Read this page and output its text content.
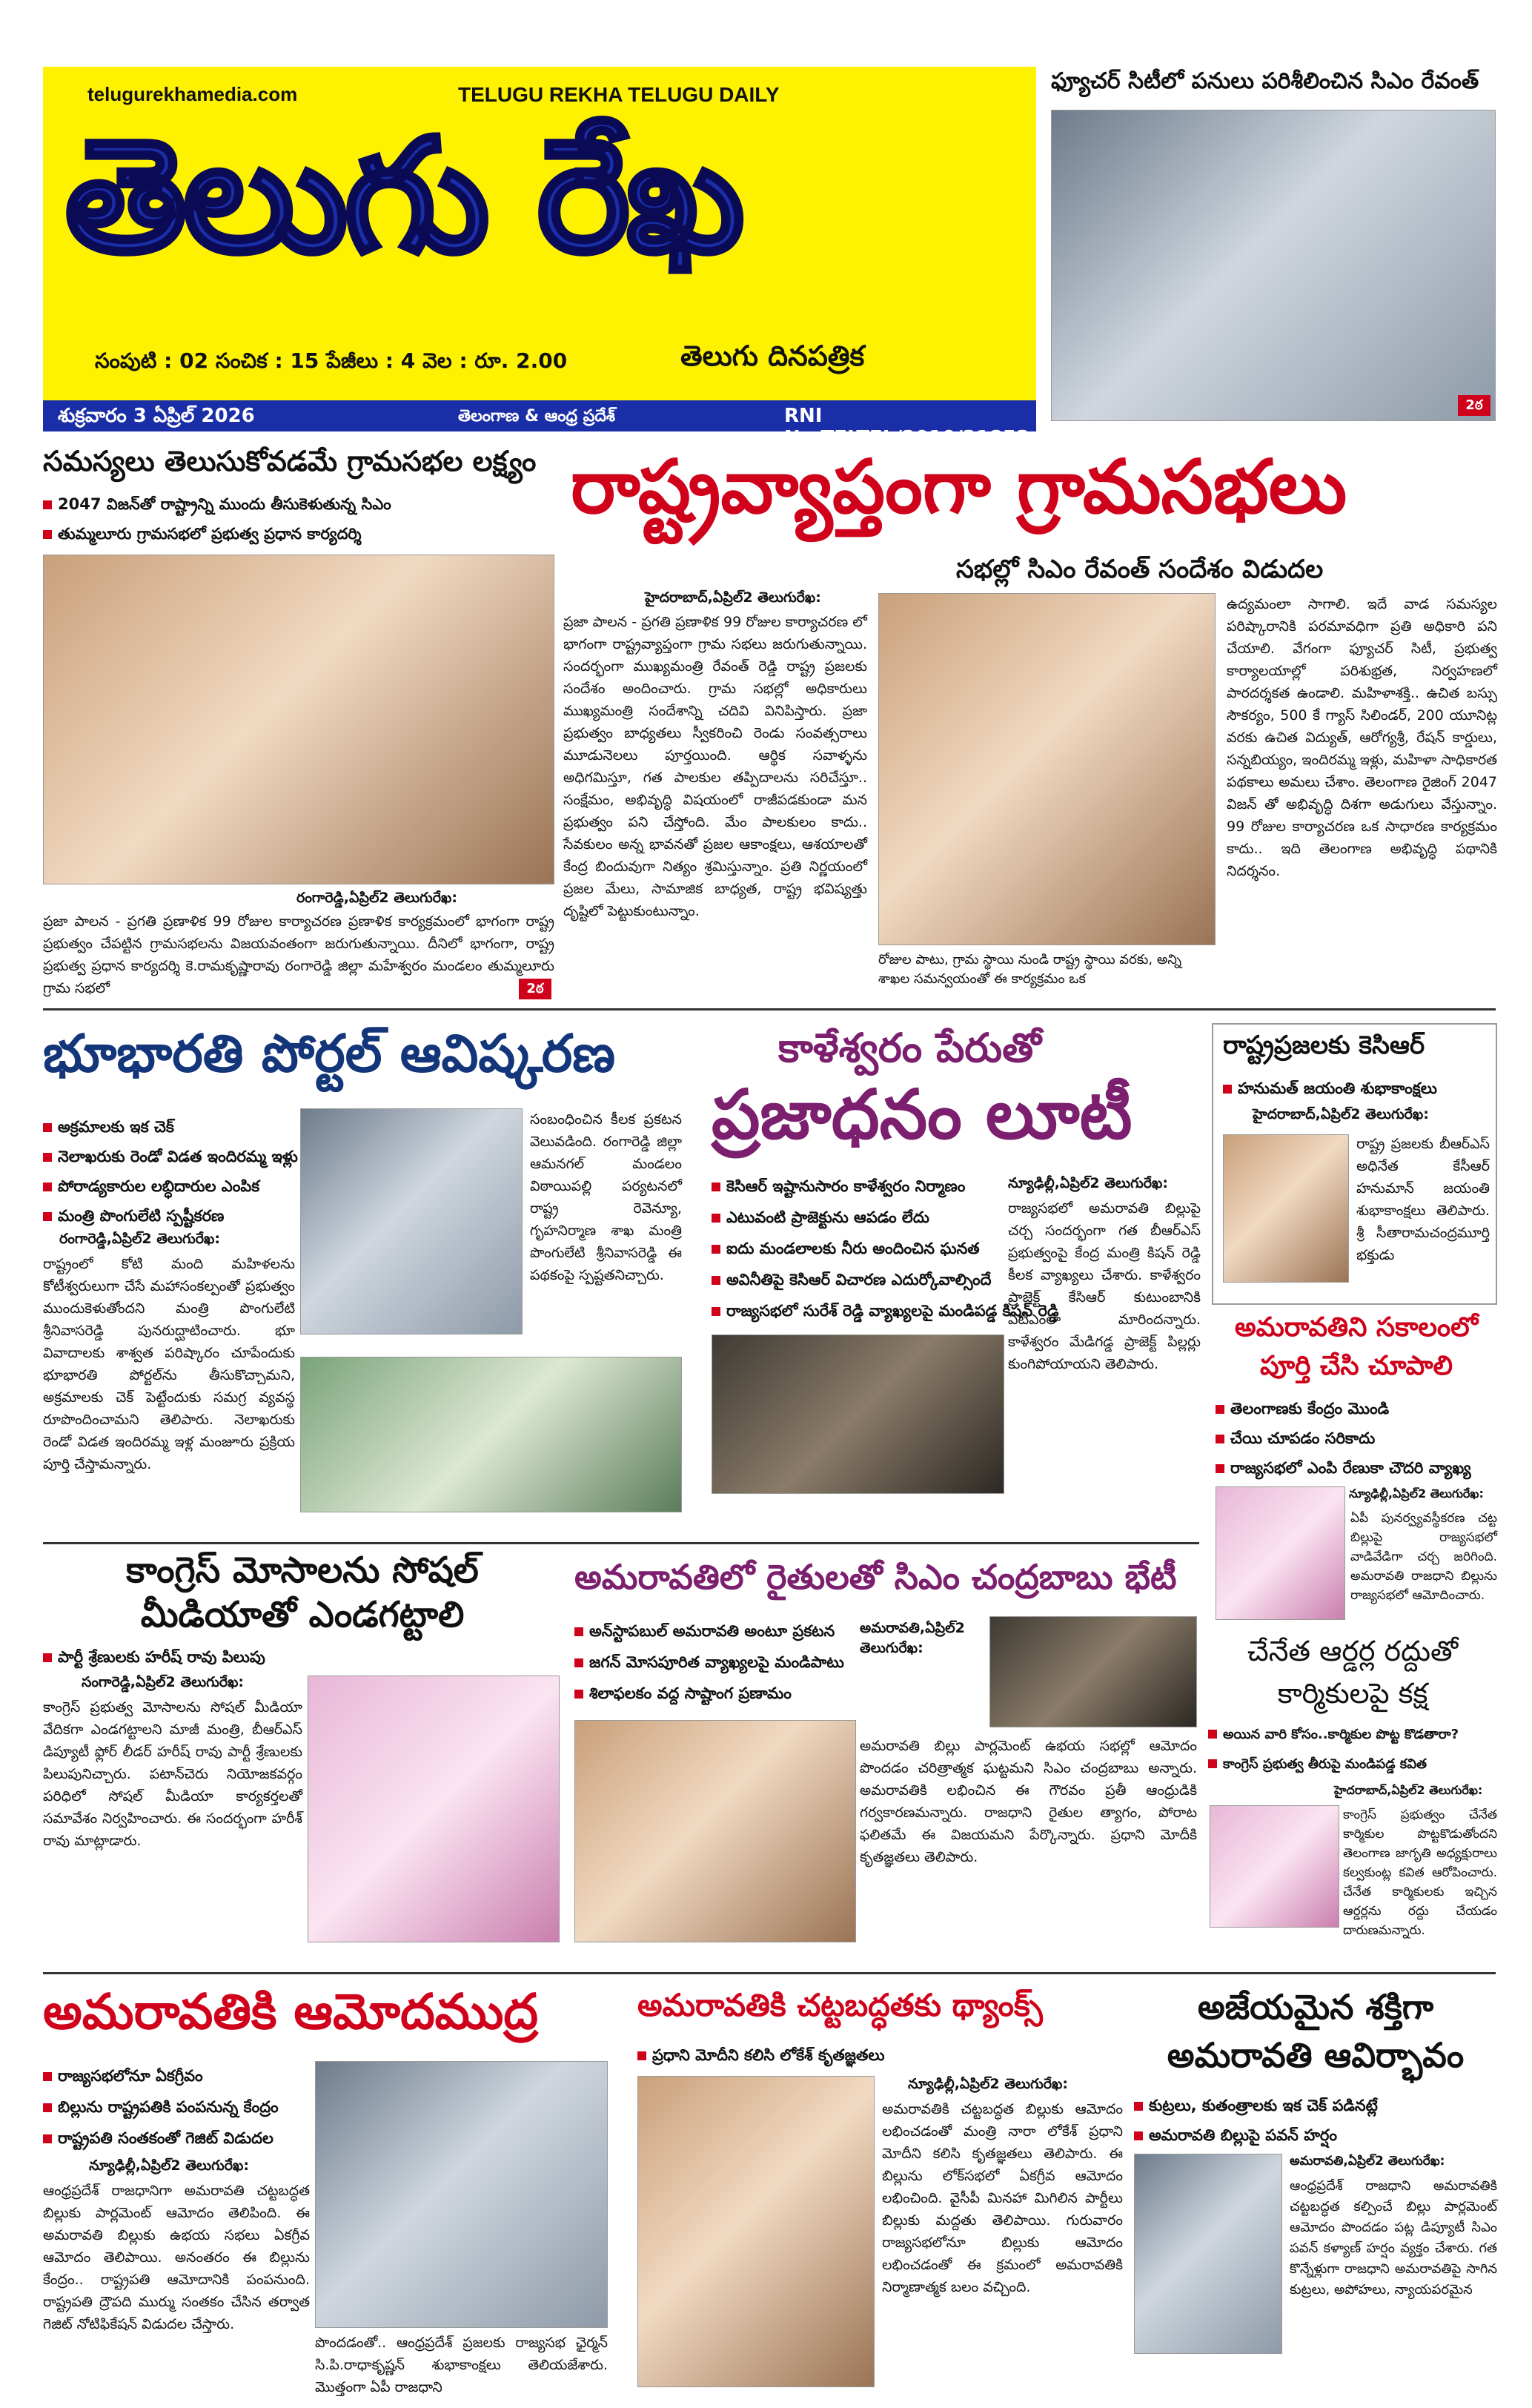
telugurekhamedia.com	TELUGU REKHA TELUGU DAILY
తెలుగు రేఖ
సంపుటి : 02 సంచిక : 15 పేజీలు : 4 వెల : రూ. 2.00	తెలుగు దినపత్రిక
శుక్రవారం 3 ఏప్రిల్ 2026	తెలంగాణ & ఆంధ్ర ప్రదేశ్	RNI No.TELTEL/2010/31853
ఫ్యూచర్ సిటీలో పనులు పరిశీలించిన సిఎం రేవంత్
2ఠ
సమస్యలు తెలుసుకోవడమే గ్రామసభల లక్ష్యం
2047 విజన్‌తో రాష్ట్రాన్ని ముందు తీసుకెళుతున్న సిఎం
తుమ్మలూరు గ్రామసభలో ప్రభుత్వ ప్రధాన కార్యదర్శి
రంగారెడ్డి,ఏప్రిల్2 తెలుగురేఖ:
ప్రజా పాలన - ప్రగతి ప్రణాళిక 99 రోజుల కార్యాచరణ ప్రణాళిక కార్యక్రమంలో భాగంగా రాష్ట్ర ప్రభుత్వం చేపట్టిన గ్రామసభలను విజయవంతంగా జరుగుతున్నాయి. దీనిలో భాగంగా, రాష్ట్ర ప్రభుత్వ ప్రధాన కార్యదర్శి కె.రామకృష్ణారావు రంగారెడ్డి జిల్లా మహేశ్వరం మండలం తుమ్మలూరు గ్రామ సభలో	2ఠ
రాష్ట్రవ్యాప్తంగా గ్రామసభలు
సభల్లో సిఎం రేవంత్ సందేశం విడుదల
హైదరాబాద్,ఏప్రిల్2 తెలుగురేఖ:
ప్రజా పాలన - ప్రగతి ప్రణాళిక 99 రోజుల కార్యాచరణ లో భాగంగా రాష్ట్రవ్యాప్తంగా గ్రామ సభలు జరుగుతున్నాయి. సందర్భంగా ముఖ్యమంత్రి రేవంత్ రెడ్డి రాష్ట్ర ప్రజలకు సందేశం అందించారు. గ్రామ సభల్లో అధికారులు ముఖ్యమంత్రి సందేశాన్ని చదివి వినిపిస్తారు. ప్రజా ప్రభుత్వం బాధ్యతలు స్వీకరించి రెండు సంవత్సరాలు మూడునెలలు పూర్తయింది. ఆర్థిక సవాళ్ళను అధిగమిస్తూ, గత పాలకుల తప్పిదాలను సరిచేస్తూ.. సంక్షేమం, అభివృద్ధి విషయంలో రాజీపడకుండా మన ప్రభుత్వం పని చేస్తోంది. మేం పాలకులం కాదు.. సేవకులం అన్న భావనతో ప్రజల ఆకాంక్షలు, ఆశయాలతో కేంద్ర బిందువుగా నిత్యం శ్రమిస్తున్నాం. ప్రతి నిర్ణయంలో ప్రజల మేలు, సామాజిక బాధ్యత, రాష్ట్ర భవిష్యత్తు దృష్టిలో పెట్టుకుంటున్నాం.
రోజుల పాటు, గ్రామ స్థాయి నుండి రాష్ట్ర స్థాయి వరకు, అన్ని శాఖల సమన్వయంతో ఈ కార్యక్రమం ఒక
ఉద్యమంలా సాగాలి. ఇదే వాడ సమస్యల పరిష్కారానికి పరమావధిగా ప్రతి అధికారి పని చేయాలి. వేగంగా ఫ్యూచర్ సిటీ, ప్రభుత్వ కార్యాలయాల్లో పరిశుభ్రత, నిర్వహణలో పారదర్శకత ఉండాలి. మహిళాశక్తి.. ఉచిత బస్సు సౌకర్యం, 500 కే గ్యాస్ సిలిండర్, 200 యూనిట్ల వరకు ఉచిత విద్యుత్, ఆరోగ్యశ్రీ, రేషన్ కార్డులు, సన్నబియ్యం, ఇందిరమ్మ ఇళ్లు, మహిళా సాధికారత పథకాలు అమలు చేశాం. తెలంగాణ రైజింగ్ 2047 విజన్ తో అభివృద్ధి దిశగా అడుగులు వేస్తున్నాం. 99 రోజుల కార్యాచరణ ఒక సాధారణ కార్యక్రమం కాదు.. ఇది తెలంగాణ అభివృద్ధి పథానికి నిదర్శనం.
భూభారతి పోర్టల్ ఆవిష్కరణ
అక్రమాలకు ఇక చెక్
నెలాఖరుకు రెండో విడత ఇందిరమ్మ ఇళ్లు
పోరాడ్యకారుల లబ్ధిదారుల ఎంపిక
మంత్రి పొంగులేటి స్పష్టీకరణ
రంగారెడ్డి,ఏప్రిల్2 తెలుగురేఖ:
రాష్ట్రంలో కోటి మంది మహిళలను కోటీశ్వరులుగా చేసే మహాసంకల్పంతో ప్రభుత్వం ముందుకెళుతోందని మంత్రి పొంగులేటి శ్రీనివాసరెడ్డి పునరుద్ఘాటించారు. భూ వివాదాలకు శాశ్వత పరిష్కారం చూపేందుకు భూభారతి పోర్టల్‌ను తీసుకొచ్చామని, అక్రమాలకు చెక్ పెట్టేందుకు సమగ్ర వ్యవస్థ రూపొందించామని తెలిపారు. నెలాఖరుకు రెండో విడత ఇందిరమ్మ ఇళ్ల మంజూరు ప్రక్రియ పూర్తి చేస్తామన్నారు.
సంబంధించిన కీలక ప్రకటన వెలువడింది. రంగారెడ్డి జిల్లా ఆమనగల్ మండలం విఠాయిపల్లి పర్యటనలో రాష్ట్ర రెవెన్యూ, గృహనిర్మాణ శాఖ మంత్రి పొంగులేటి శ్రీనివాసరెడ్డి ఈ పథకంపై స్పష్టతనిచ్చారు.
కాళేశ్వరం పేరుతో
ప్రజాధనం లూటీ
కెసిఆర్ ఇష్టానుసారం కాళేశ్వరం నిర్మాణం
ఎటువంటి ప్రాజెక్టును ఆపడం లేదు
ఐదు మండలాలకు నీరు అందించిన ఘనత
అవినీతిపై కెసిఆర్ విచారణ ఎదుర్కోవాల్సిందే
రాజ్యసభలో సురేశ్ రెడ్డి వ్యాఖ్యలపై మండిపడ్డ కిషన్ రెడ్డి
న్యూఢిల్లీ,ఏప్రిల్2 తెలుగురేఖ:
రాజ్యసభలో అమరావతి బిల్లుపై చర్చ సందర్భంగా గత బీఆర్ఎస్ ప్రభుత్వంపై కేంద్ర మంత్రి కిషన్ రెడ్డి కీలక వ్యాఖ్యలు చేశారు. కాళేశ్వరం ప్రాజెక్ట్ కేసిఆర్ కుటుంబానికి ఏటీఎంలా మారిందన్నారు. కాళేశ్వరం మేడిగడ్డ ప్రాజెక్ట్ పిల్లర్లు కుంగిపోయాయని తెలిపారు.
రాష్ట్రప్రజలకు కెసిఆర్
హనుమత్ జయంతి శుభాకాంక్షలు
హైదరాబాద్,ఏప్రిల్2 తెలుగురేఖ:
రాష్ట్ర ప్రజలకు బీఆర్ఎస్ అధినేత కేసీఆర్ హనుమాన్ జయంతి శుభాకాంక్షలు తెలిపారు. శ్రీ సీతారామచంద్రమూర్తి భక్తుడు
అమరావతిని సకాలంలో
పూర్తి చేసి చూపాలి
తెలంగాణకు కేంద్రం మొండి
చేయి చూపడం సరికాదు
రాజ్యసభలో ఎంపి రేణుకా చౌదరి వ్యాఖ్య
న్యూఢిల్లీ,ఏప్రిల్2 తెలుగురేఖ:
ఏపీ పునర్వ్యవస్థీకరణ చట్ట బిల్లుపై రాజ్యసభలో వాడివేడిగా చర్చ జరిగింది. అమరావతి రాజధాని బిల్లును రాజ్యసభలో ఆమోదించారు.
కాంగ్రెస్ మోసాలను సోషల్
మీడియాతో ఎండగట్టాలి
పార్టీ శ్రేణులకు హరీష్ రావు పిలుపు
సంగారెడ్డి,ఏప్రిల్2 తెలుగురేఖ:
కాంగ్రెస్ ప్రభుత్వ మోసాలను సోషల్ మీడియా వేదికగా ఎండగట్టాలని మాజీ మంత్రి, బీఆర్ఎస్ డిప్యూటీ ఫ్లోర్ లీడర్ హరీష్ రావు పార్టీ శ్రేణులకు పిలుపునిచ్చారు. పటాన్‌చెరు నియోజకవర్గం పరిధిలో సోషల్ మీడియా కార్యకర్తలతో సమావేశం నిర్వహించారు. ఈ సందర్భంగా హరీశ్ రావు మాట్లాడారు.
అమరావతిలో రైతులతో సిఎం చంద్రబాబు భేటీ
అన్‌స్టాపబుల్ అమరావతి అంటూ ప్రకటన
జగన్ మోసపూరిత వ్యాఖ్యలపై మండిపాటు
శిలాఫలకం వద్ద సాష్టాంగ ప్రణామం
అమరావతి,ఏప్రిల్2 తెలుగురేఖ:
అమరావతి బిల్లు పార్లమెంట్ ఉభయ సభల్లో ఆమోదం పొందడం చరిత్రాత్మక ఘట్టమని సిఎం చంద్రబాబు అన్నారు. అమరావతికి లభించిన ఈ గౌరవం ప్రతీ ఆంధ్రుడికి గర్వకారణమన్నారు. రాజధాని రైతుల త్యాగం, పోరాట ఫలితమే ఈ విజయమని పేర్కొన్నారు. ప్రధాని మోదీకి కృతజ్ఞతలు తెలిపారు.
చేనేత ఆర్డర్ల రద్దుతో
కార్మికులపై కక్ష
అయిన వారి కోసం..కార్మికుల పొట్ట కొడతారా?
కాంగ్రెస్ ప్రభుత్వ తీరుపై మండిపడ్డ కవిత
హైదరాబాద్,ఏప్రిల్2 తెలుగురేఖ:
కాంగ్రెస్ ప్రభుత్వం చేనేత కార్మికుల పొట్టకొడుతోందని తెలంగాణ జాగృతి అధ్యక్షురాలు కల్వకుంట్ల కవిత ఆరోపించారు. చేనేత కార్మికులకు ఇచ్చిన ఆర్డర్లను రద్దు చేయడం దారుణమన్నారు.
అమరావతికి ఆమోదముద్ర
రాజ్యసభలోనూ ఏకగ్రీవం
బిల్లును రాష్ట్రపతికి పంపనున్న కేంద్రం
రాష్ట్రపతి సంతకంతో గెజిట్ విడుదల
న్యూఢిల్లీ,ఏప్రిల్2 తెలుగురేఖ:
ఆంధ్రప్రదేశ్ రాజధానిగా అమరావతి చట్టబద్ధత బిల్లుకు పార్లమెంట్ ఆమోదం తెలిపింది. ఈ అమరావతి బిల్లుకు ఉభయ సభలు ఏకగ్రీవ ఆమోదం తెలిపాయి. అనంతరం ఈ బిల్లును కేంద్రం.. రాష్ట్రపతి ఆమోదానికి పంపనుంది. రాష్ట్రపతి ద్రౌపది ముర్ము సంతకం చేసిన తర్వాత గెజిట్ నోటిఫికేషన్ విడుదల చేస్తారు.
పొందడంతో.. ఆంధ్రప్రదేశ్ ప్రజలకు రాజ్యసభ ఛైర్మన్ సి.పి.రాధాకృష్ణన్ శుభాకాంక్షలు తెలియజేశారు. మొత్తంగా ఏపీ రాజధాని
అమరావతికి చట్టబద్ధతకు థ్యాంక్స్
ప్రధాని మోదీని కలిసి లోకేశ్ కృతజ్ఞతలు
న్యూఢిల్లీ,ఏప్రిల్2 తెలుగురేఖ:
అమరావతికి చట్టబద్ధత బిల్లుకు ఆమోదం లభించడంతో మంత్రి నారా లోకేశ్ ప్రధాని మోదీని కలిసి కృతజ్ఞతలు తెలిపారు. ఈ బిల్లును లోక్‌సభలో ఏకగ్రీవ ఆమోదం లభించింది. వైసీపీ మినహా మిగిలిన పార్టీలు బిల్లుకు మద్దతు తెలిపాయి. గురువారం రాజ్యసభలోనూ బిల్లుకు ఆమోదం లభించడంతో ఈ క్రమంలో అమరావతికి నిర్మాణాత్మక బలం వచ్చింది.
అజేయమైన శక్తిగా
అమరావతి ఆవిర్భావం
కుట్రలు, కుతంత్రాలకు ఇక చెక్ పడినట్లే
అమరావతి బిల్లుపై పవన్ హర్షం
అమరావతి,ఏప్రిల్2 తెలుగురేఖ:
ఆంధ్రప్రదేశ్ రాజధాని అమరావతికి చట్టబద్ధత కల్పించే బిల్లు పార్లమెంట్ ఆమోదం పొందడం పట్ల డిప్యూటీ సిఎం పవన్ కళ్యాణ్ హర్షం వ్యక్తం చేశారు. గత కొన్నేళ్లుగా రాజధాని అమరావతిపై సాగిన కుట్రలు, అపోహలు, న్యాయపరమైన
